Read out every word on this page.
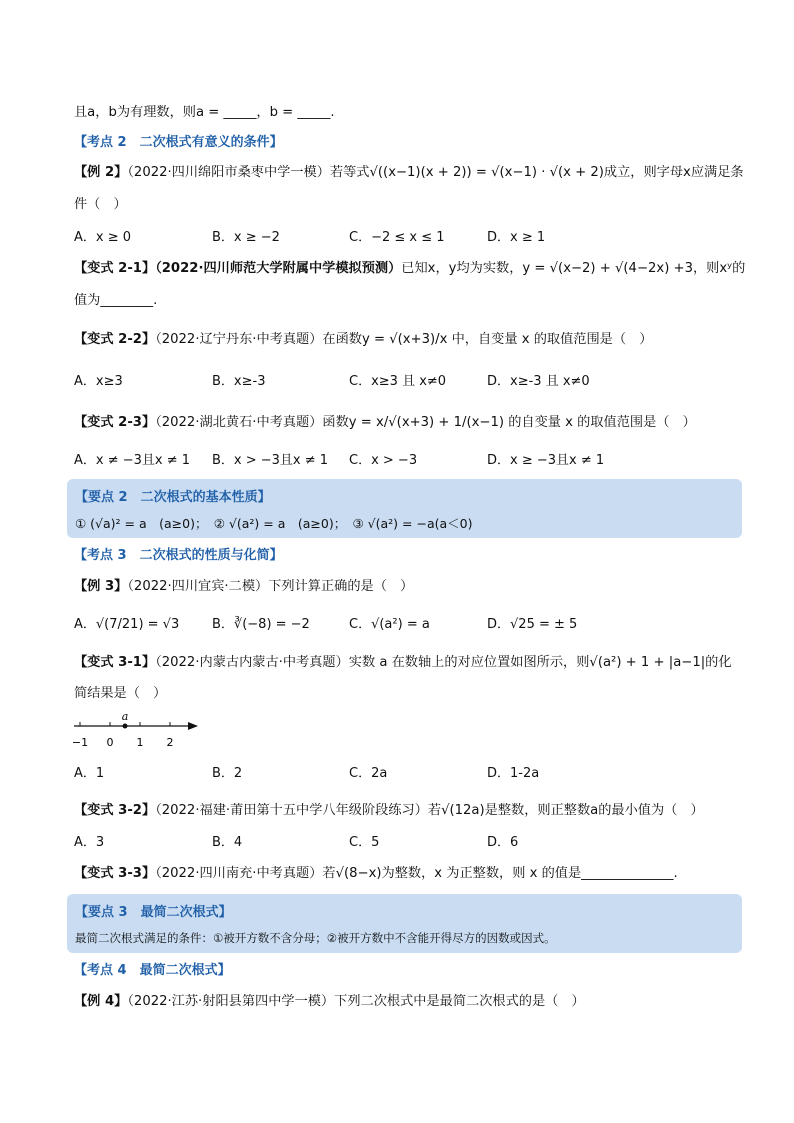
且a，b为有理数，则a = _____，b = _____.
【考点 2　二次根式有意义的条件】
【例 2】（2022·四川绵阳市桑枣中学一模）若等式√((x−1)(x + 2)) = √(x−1) · √(x + 2)成立，则字母x应满足条
件（　）
A．x ≥ 0	B．x ≥ −2	C．−2 ≤ x ≤ 1	D．x ≥ 1
【变式 2-1】（2022·四川师范大学附属中学模拟预测）已知x，y均为实数，y = √(x−2) + √(4−2x) +3，则xʸ的
值为________.
【变式 2-2】（2022·辽宁丹东·中考真题）在函数y = √(x+3)/x 中，自变量 x 的取值范围是（　）
A．x≥3	B．x≥-3	C．x≥3 且 x≠0	D．x≥-3 且 x≠0
【变式 2-3】（2022·湖北黄石·中考真题）函数y = x/√(x+3) + 1/(x−1) 的自变量 x 的取值范围是（　）
A．x ≠ −3且x ≠ 1 B．x > −3且x ≠ 1 C．x > −3	D．x ≥ −3且x ≠ 1
【要点 2　二次根式的基本性质】
① (√a)² = a　(a≥0)；　② √(a²) = a　(a≥0)；　③ √(a²) = −a(a＜0)
【考点 3　二次根式的性质与化简】
【例 3】（2022·四川宜宾·二模）下列计算正确的是（　）
A．√(7/21) = √3	B．∛(−8) = −2	C．√(a²) = a	D．√25 = ± 5
【变式 3-1】（2022·内蒙古内蒙古·中考真题）实数 a 在数轴上的对应位置如图所示，则√(a²) + 1 + |a−1|的化
简结果是（　）
−1 0 1 2
a
A．1	B．2	C．2a	D．1-2a
【变式 3-2】（2022·福建·莆田第十五中学八年级阶段练习）若√(12a)是整数，则正整数a的最小值为（　）
A．3	B．4	C．5	D．6
【变式 3-3】（2022·四川南充·中考真题）若√(8−x)为整数，x 为正整数，则 x 的值是______________.
【要点 3　最简二次根式】
最简二次根式满足的条件：①被开方数不含分母；②被开方数中不含能开得尽方的因数或因式。
【考点 4　最简二次根式】
【例 4】（2022·江苏·射阳县第四中学一模）下列二次根式中是最简二次根式的是（　）
